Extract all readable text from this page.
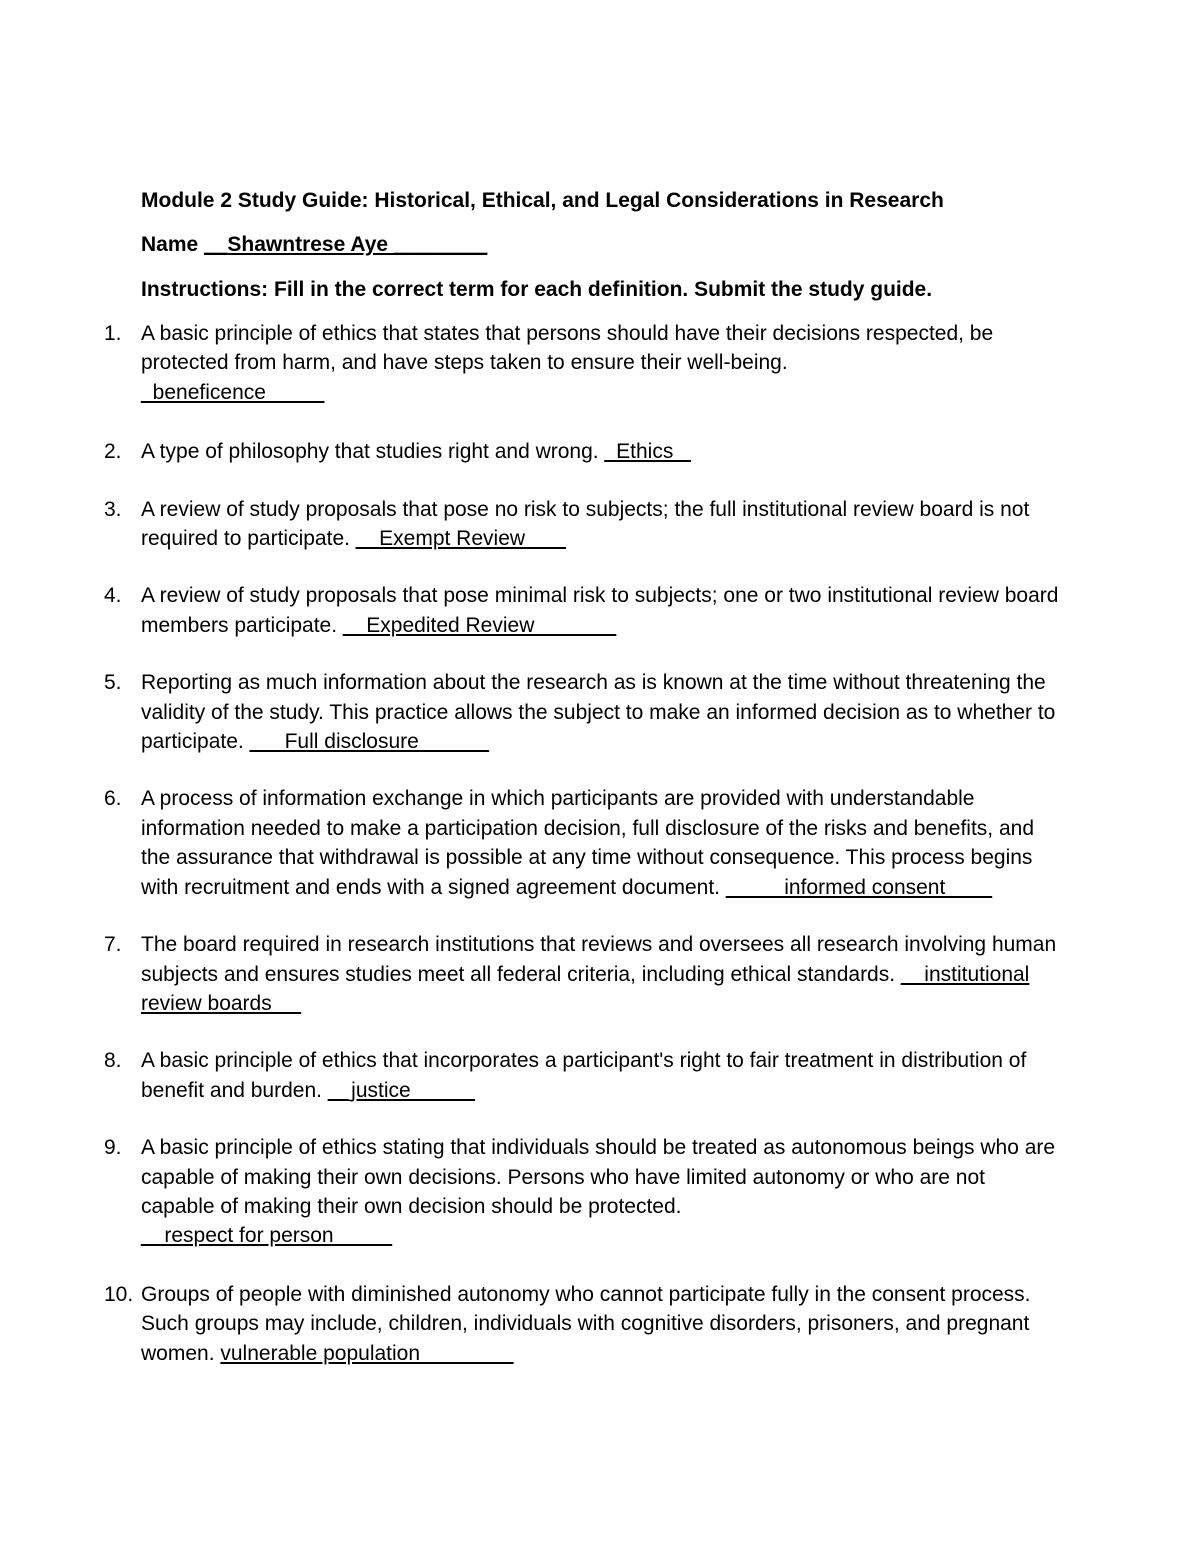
Module 2 Study Guide: Historical, Ethical, and Legal Considerations in Research
Name __Shawntrese Aye ________
Instructions: Fill in the correct term for each definition. Submit the study guide.
1. A basic principle of ethics that states that persons should have their decisions respected, be protected from harm, and have steps taken to ensure their well-being.
_beneficence_____
2. A type of philosophy that studies right and wrong. _Ethics _
3. A review of study proposals that pose no risk to subjects; the full institutional review board is not required to participate. __Exempt Review ___
4. A review of study proposals that pose minimal risk to subjects; one or two institutional review board members participate. __Expedited Review_______
5. Reporting as much information about the research as is known at the time without threatening the validity of the study. This practice allows the subject to make an informed decision as to whether to participate. ___Full disclosure______
6. A process of information exchange in which participants are provided with understandable information needed to make a participation decision, full disclosure of the risks and benefits, and the assurance that withdrawal is possible at any time without consequence. This process begins with recruitment and ends with a signed agreement document. _____informed consent____
7. The board required in research institutions that reviews and oversees all research involving human subjects and ensures studies meet all federal criteria, including ethical standards. __institutional review boards __
8. A basic principle of ethics that incorporates a participant's right to fair treatment in distribution of benefit and burden. __justice _____
9. A basic principle of ethics stating that individuals should be treated as autonomous beings who are capable of making their own decisions. Persons who have limited autonomy or who are not capable of making their own decision should be protected.
__respect for person_____
10. Groups of people with diminished autonomy who cannot participate fully in the consent process. Such groups may include, children, individuals with cognitive disorders, prisoners, and pregnant women. vulnerable population________
